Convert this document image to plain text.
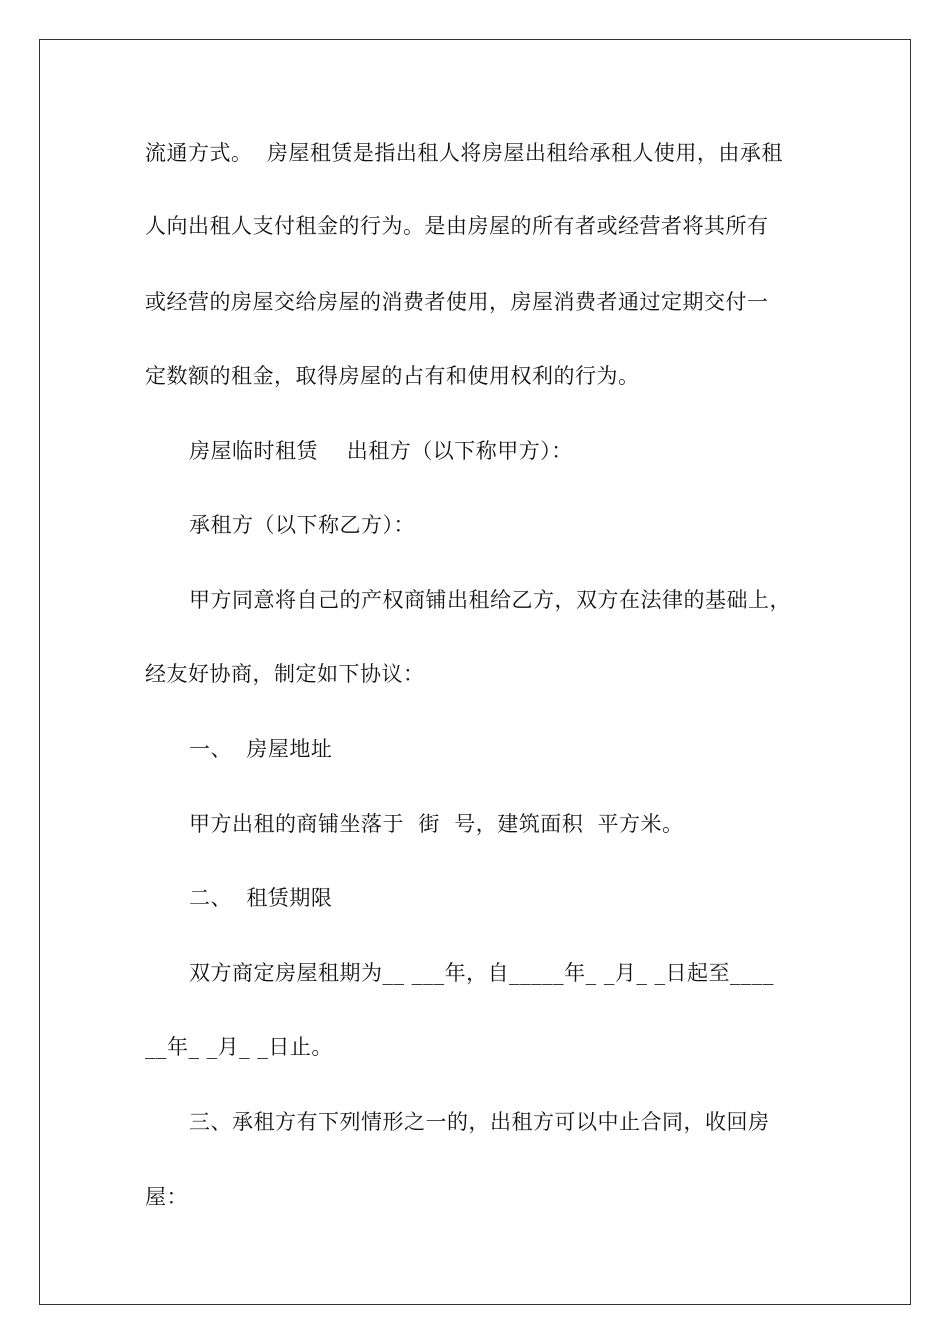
流通方式。  房屋租赁是指出租人将房屋出租给承租人使用，由承租
人向出租人支付租金的行为。是由房屋的所有者或经营者将其所有
或经营的房屋交给房屋的消费者使用，房屋消费者通过定期交付一
定数额的租金，取得房屋的占有和使用权利的行为。
房屋临时租赁    出租方（以下称甲方）：
承租方（以下称乙方）：
甲方同意将自己的产权商铺出租给乙方，双方在法律的基础上，
经友好协商，制定如下协议：
一、  房屋地址
甲方出租的商铺坐落于  街  号，建筑面积  平方米。
二、  租赁期限
双方商定房屋租期为__ ___年，自_____年_ _月_ _日起至____
__年_ _月_ _日止。
三、承租方有下列情形之一的，出租方可以中止合同，收回房
屋：
